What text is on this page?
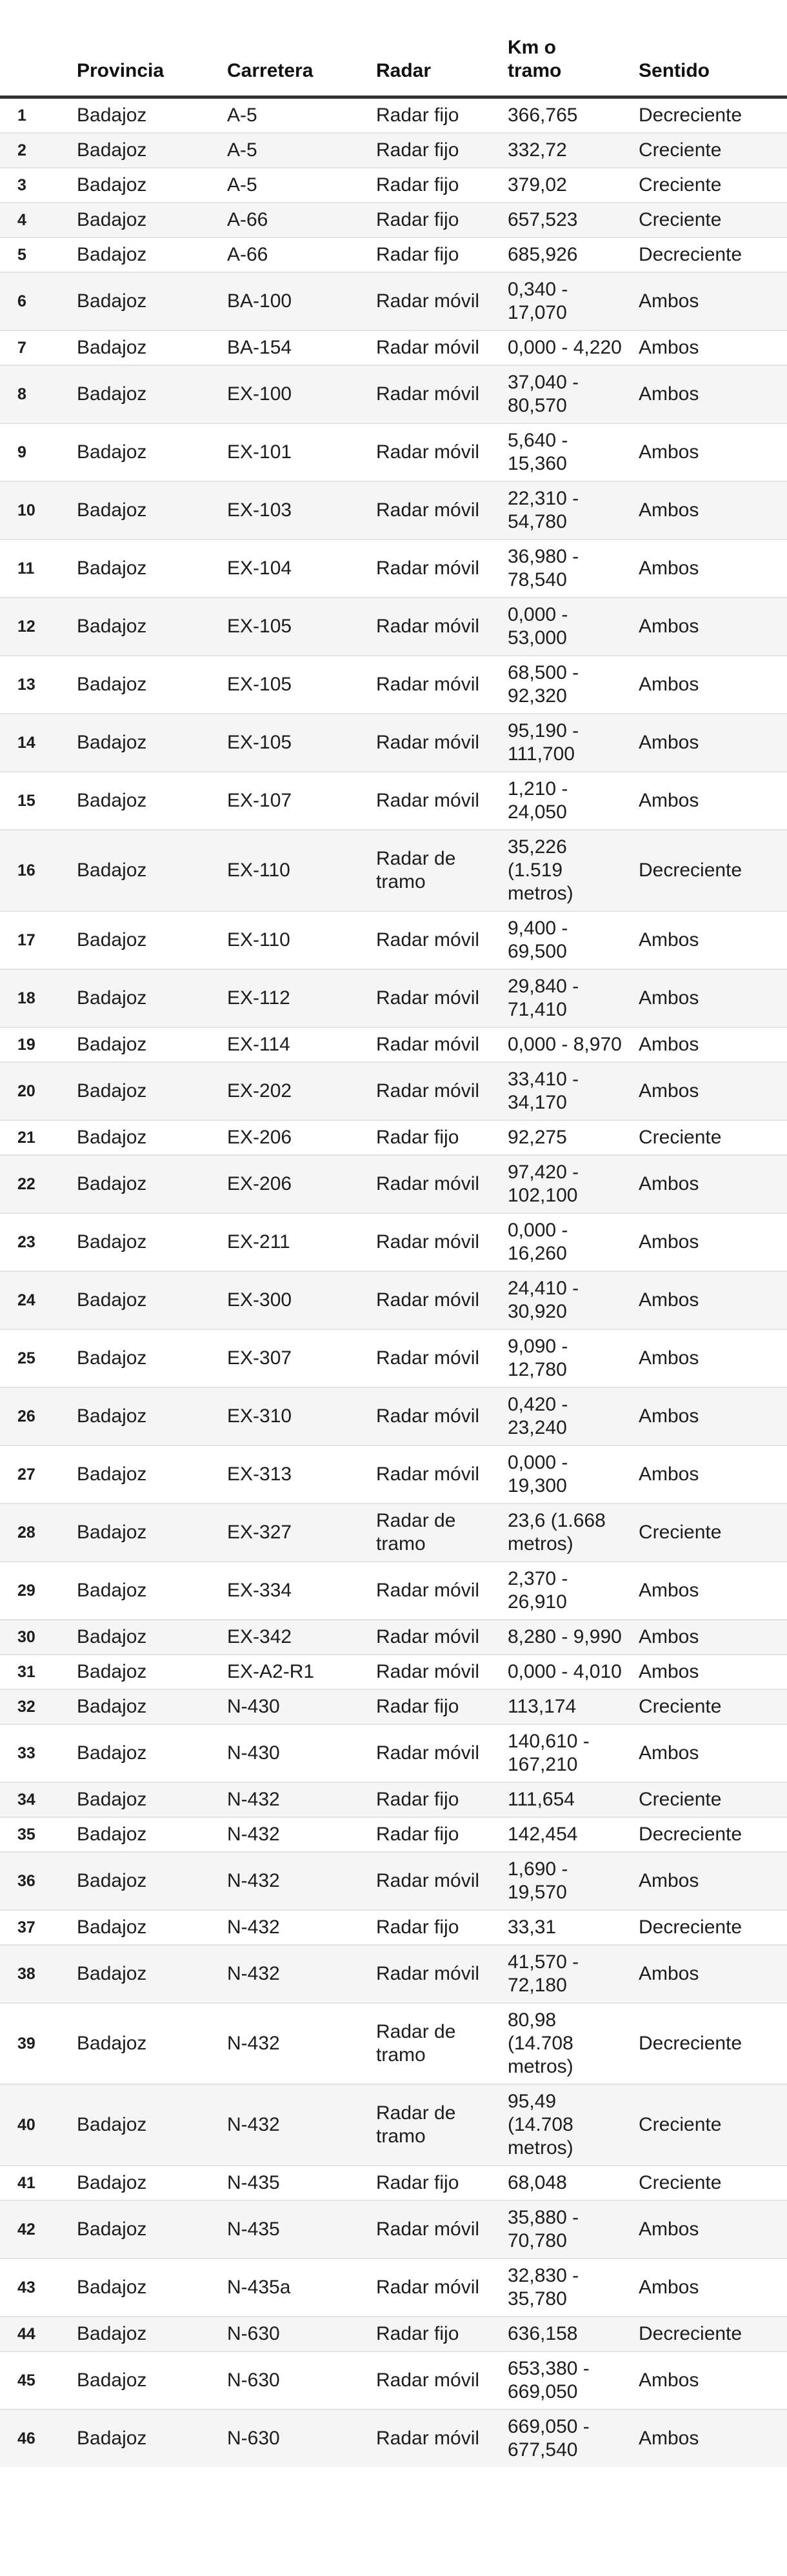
	Provincia	Carretera	Radar	Km o tramo	Sentido
1	Badajoz	A-5	Radar fijo	366,765	Decreciente
2	Badajoz	A-5	Radar fijo	332,72	Creciente
3	Badajoz	A-5	Radar fijo	379,02	Creciente
4	Badajoz	A-66	Radar fijo	657,523	Creciente
5	Badajoz	A-66	Radar fijo	685,926	Decreciente
6	Badajoz	BA-100	Radar móvil	0,340 - 17,070	Ambos
7	Badajoz	BA-154	Radar móvil	0,000 - 4,220	Ambos
8	Badajoz	EX-100	Radar móvil	37,040 - 80,570	Ambos
9	Badajoz	EX-101	Radar móvil	5,640 - 15,360	Ambos
10	Badajoz	EX-103	Radar móvil	22,310 - 54,780	Ambos
11	Badajoz	EX-104	Radar móvil	36,980 - 78,540	Ambos
12	Badajoz	EX-105	Radar móvil	0,000 - 53,000	Ambos
13	Badajoz	EX-105	Radar móvil	68,500 - 92,320	Ambos
14	Badajoz	EX-105	Radar móvil	95,190 - 111,700	Ambos
15	Badajoz	EX-107	Radar móvil	1,210 - 24,050	Ambos
16	Badajoz	EX-110	Radar de tramo	35,226 (1.519 metros)	Decreciente
17	Badajoz	EX-110	Radar móvil	9,400 - 69,500	Ambos
18	Badajoz	EX-112	Radar móvil	29,840 - 71,410	Ambos
19	Badajoz	EX-114	Radar móvil	0,000 - 8,970	Ambos
20	Badajoz	EX-202	Radar móvil	33,410 - 34,170	Ambos
21	Badajoz	EX-206	Radar fijo	92,275	Creciente
22	Badajoz	EX-206	Radar móvil	97,420 - 102,100	Ambos
23	Badajoz	EX-211	Radar móvil	0,000 - 16,260	Ambos
24	Badajoz	EX-300	Radar móvil	24,410 - 30,920	Ambos
25	Badajoz	EX-307	Radar móvil	9,090 - 12,780	Ambos
26	Badajoz	EX-310	Radar móvil	0,420 - 23,240	Ambos
27	Badajoz	EX-313	Radar móvil	0,000 - 19,300	Ambos
28	Badajoz	EX-327	Radar de tramo	23,6 (1.668 metros)	Creciente
29	Badajoz	EX-334	Radar móvil	2,370 - 26,910	Ambos
30	Badajoz	EX-342	Radar móvil	8,280 - 9,990	Ambos
31	Badajoz	EX-A2-R1	Radar móvil	0,000 - 4,010	Ambos
32	Badajoz	N-430	Radar fijo	113,174	Creciente
33	Badajoz	N-430	Radar móvil	140,610 - 167,210	Ambos
34	Badajoz	N-432	Radar fijo	111,654	Creciente
35	Badajoz	N-432	Radar fijo	142,454	Decreciente
36	Badajoz	N-432	Radar móvil	1,690 - 19,570	Ambos
37	Badajoz	N-432	Radar fijo	33,31	Decreciente
38	Badajoz	N-432	Radar móvil	41,570 - 72,180	Ambos
39	Badajoz	N-432	Radar de tramo	80,98 (14.708 metros)	Decreciente
40	Badajoz	N-432	Radar de tramo	95,49 (14.708 metros)	Creciente
41	Badajoz	N-435	Radar fijo	68,048	Creciente
42	Badajoz	N-435	Radar móvil	35,880 - 70,780	Ambos
43	Badajoz	N-435a	Radar móvil	32,830 - 35,780	Ambos
44	Badajoz	N-630	Radar fijo	636,158	Decreciente
45	Badajoz	N-630	Radar móvil	653,380 - 669,050	Ambos
46	Badajoz	N-630	Radar móvil	669,050 - 677,540	Ambos
